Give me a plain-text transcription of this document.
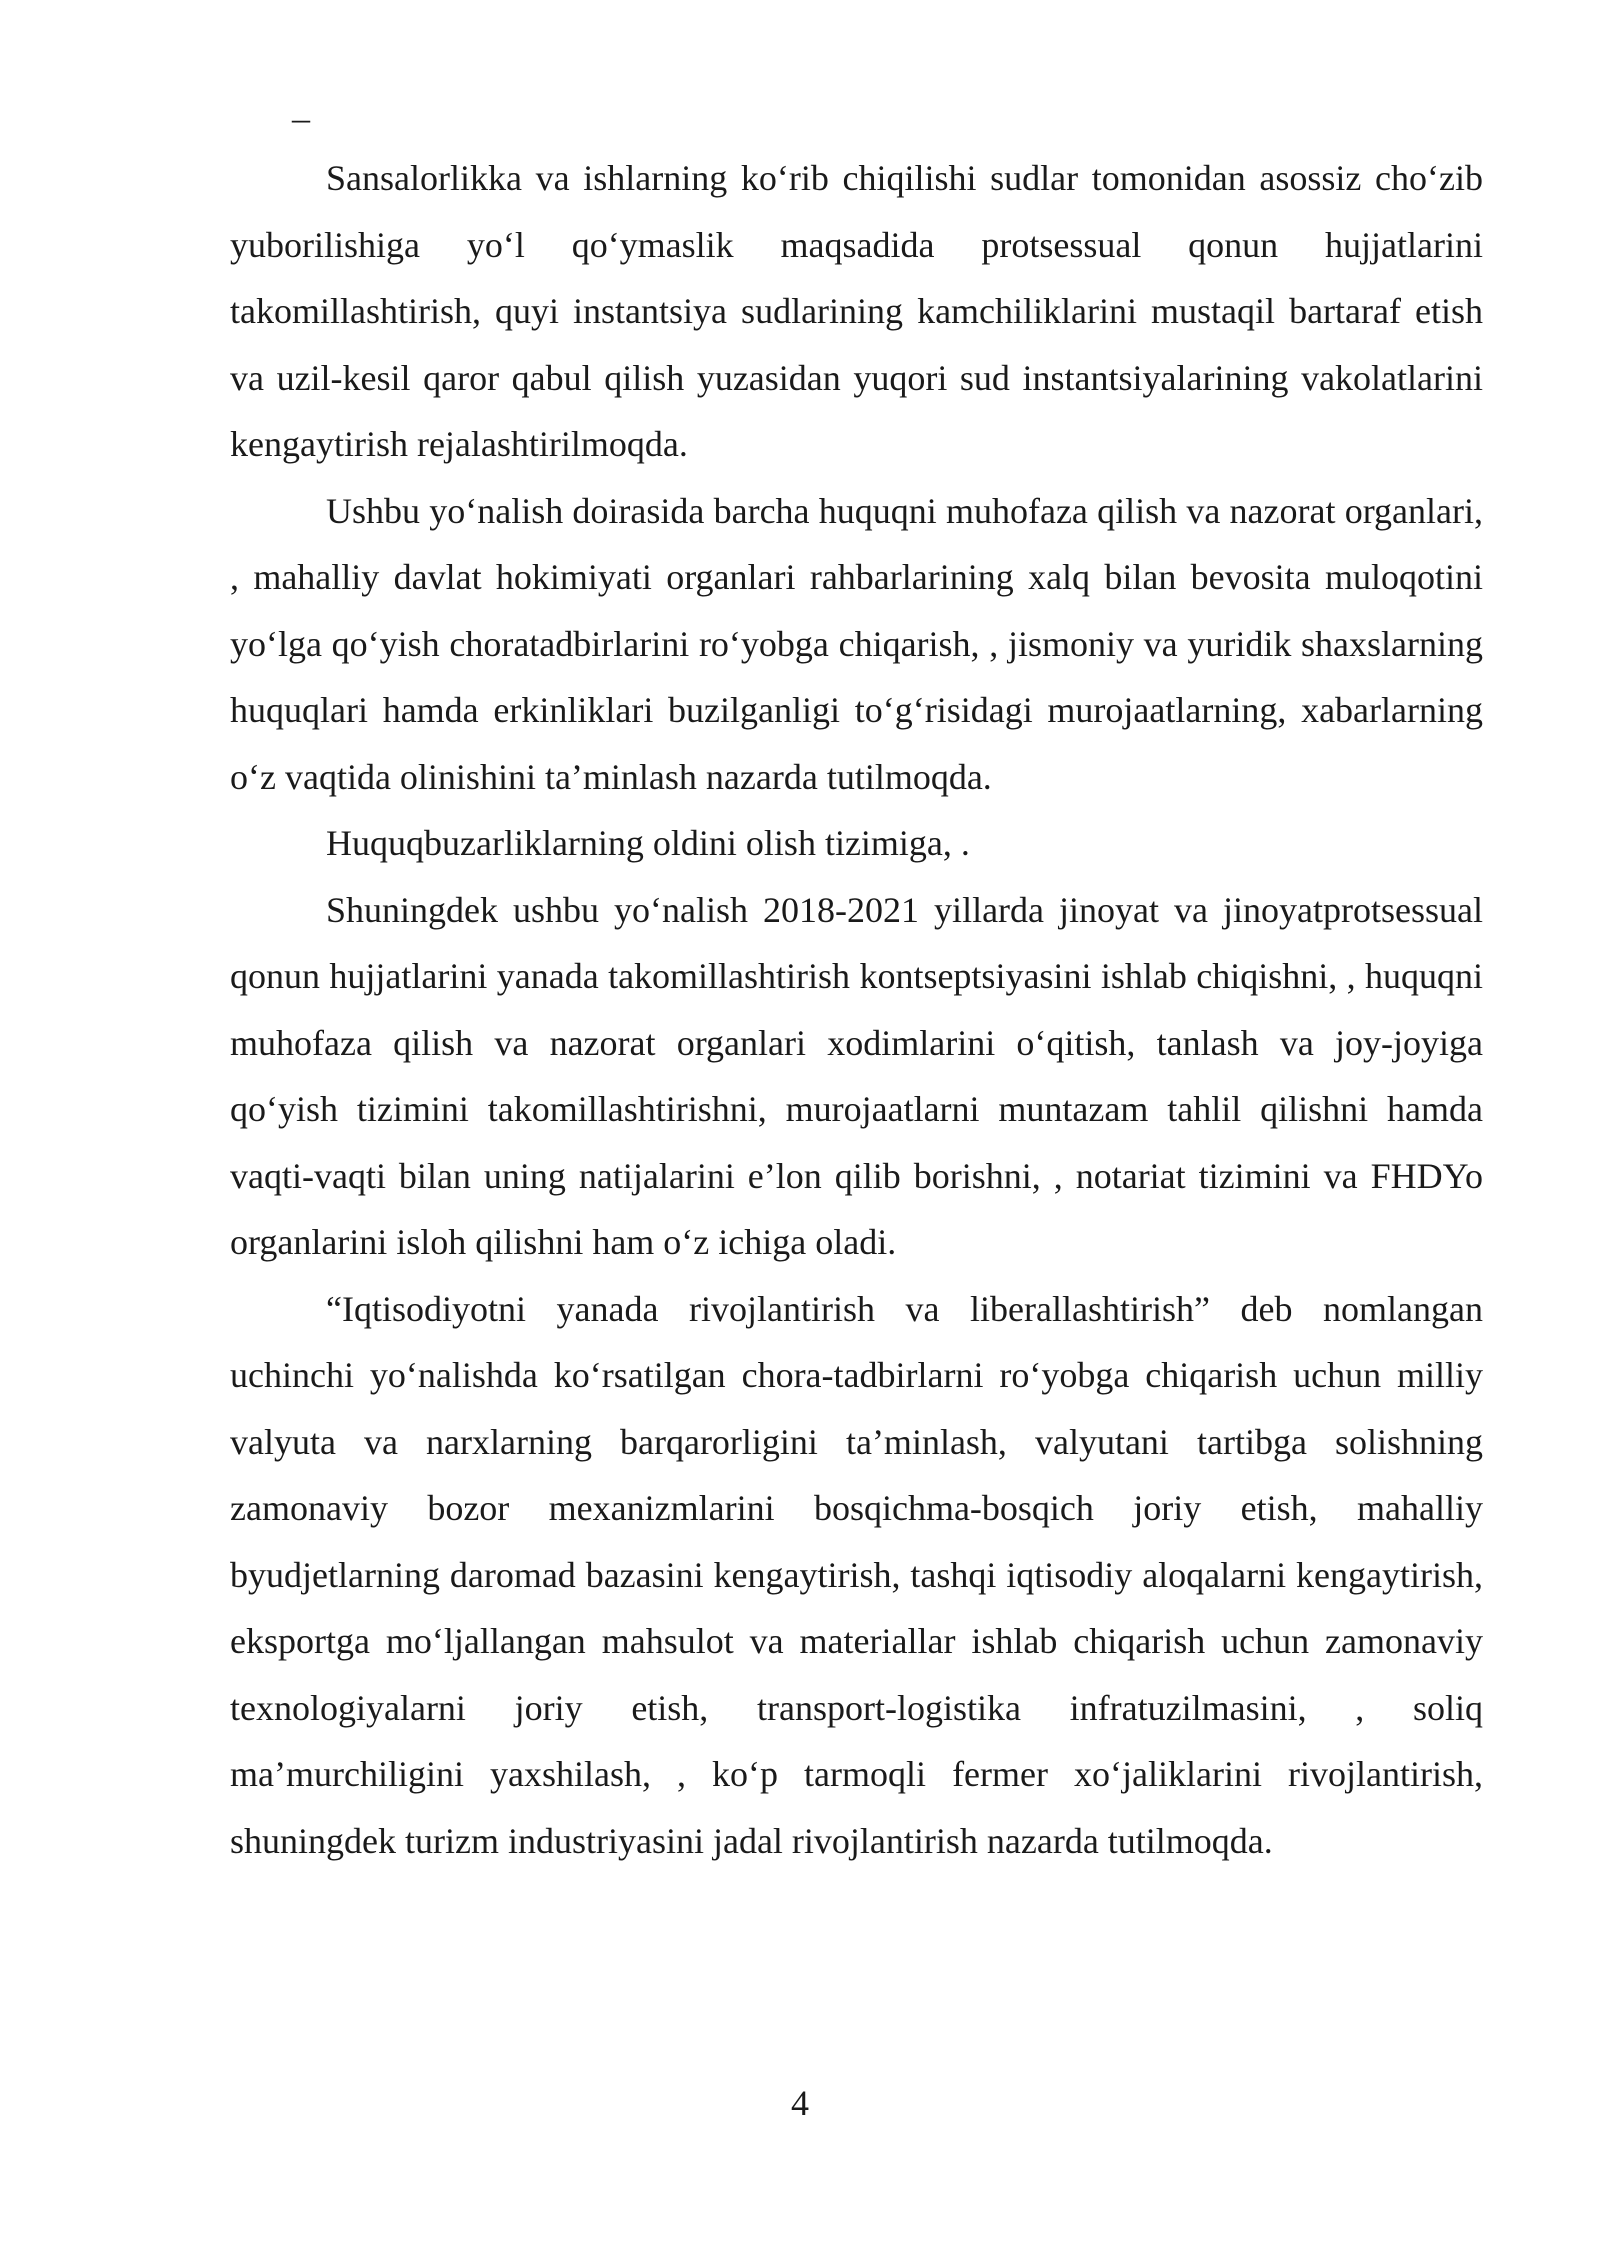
–

Sansalorlikka va ishlarning ko‘rib chiqilishi sudlar tomonidan asossiz cho‘zib yuborilishiga yo‘l qo‘ymaslik maqsadida protsessual qonun hujjatlarini takomillashtirish, quyi instantsiya sudlarining kamchiliklarini mustaqil bartaraf etish va uzil-kesil qaror qabul qilish yuzasidan yuqori sud instantsiyalarining vakolatlarini kengaytirish rejalashtirilmoqda.

Ushbu yo‘nalish doirasida barcha huquqni muhofaza qilish va nazorat organlari, , mahalliy davlat hokimiyati organlari rahbarlarining xalq bilan bevosita muloqotini yo‘lga qo‘yish choratadbirlarini ro‘yobga chiqarish, , jismoniy va yuridik shaxslarning huquqlari hamda erkinliklari buzilganligi to‘g‘risidagi murojaatlarning, xabarlarning o‘z vaqtida olinishini ta’minlash nazarda tutilmoqda.

Huquqbuzarliklarning oldini olish tizimiga, .

Shuningdek ushbu yo‘nalish 2018-2021 yillarda jinoyat va jinoyatprotsessual qonun hujjatlarini yanada takomillashtirish kontseptsiyasini ishlab chiqishni, , huquqni muhofaza qilish va nazorat organlari xodimlarini o‘qitish, tanlash va joy-joyiga qo‘yish tizimini takomillashtirishni, murojaatlarni muntazam tahlil qilishni hamda vaqti-vaqti bilan uning natijalarini e’lon qilib borishni, , notariat tizimini va FHDYo organlarini isloh qilishni ham o‘z ichiga oladi.

“Iqtisodiyotni yanada rivojlantirish va liberallashtirish” deb nomlangan uchinchi yo‘nalishda ko‘rsatilgan chora-tadbirlarni ro‘yobga chiqarish uchun milliy valyuta va narxlarning barqarorligini ta’minlash, valyutani tartibga solishning zamonaviy bozor mexanizmlarini bosqichma-bosqich joriy etish, mahalliy byudjetlarning daromad bazasini kengaytirish, tashqi iqtisodiy aloqalarni kengaytirish, eksportga mo‘ljallangan mahsulot va materiallar ishlab chiqarish uchun zamonaviy texnologiyalarni joriy etish, transport-logistika infratuzilmasini, , soliq ma’murchiligini yaxshilash, , ko‘p tarmoqli fermer xo‘jaliklarini rivojlantirish, shuningdek turizm industriyasini jadal rivojlantirish nazarda tutilmoqda.

4
